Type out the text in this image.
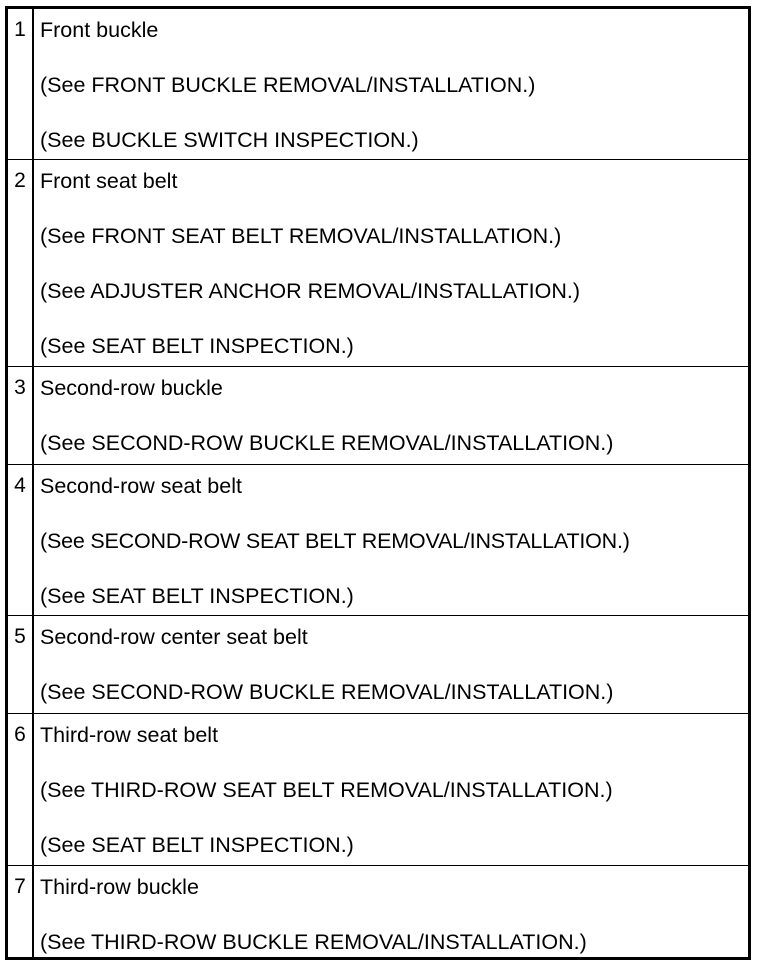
1 Front buckle
(See FRONT BUCKLE REMOVAL/INSTALLATION.)
(See BUCKLE SWITCH INSPECTION.)
2 Front seat belt
(See FRONT SEAT BELT REMOVAL/INSTALLATION.)
(See ADJUSTER ANCHOR REMOVAL/INSTALLATION.)
(See SEAT BELT INSPECTION.)
3 Second-row buckle
(See SECOND-ROW BUCKLE REMOVAL/INSTALLATION.)
4 Second-row seat belt
(See SECOND-ROW SEAT BELT REMOVAL/INSTALLATION.)
(See SEAT BELT INSPECTION.)
5 Second-row center seat belt
(See SECOND-ROW BUCKLE REMOVAL/INSTALLATION.)
6 Third-row seat belt
(See THIRD-ROW SEAT BELT REMOVAL/INSTALLATION.)
(See SEAT BELT INSPECTION.)
7 Third-row buckle
(See THIRD-ROW BUCKLE REMOVAL/INSTALLATION.)
